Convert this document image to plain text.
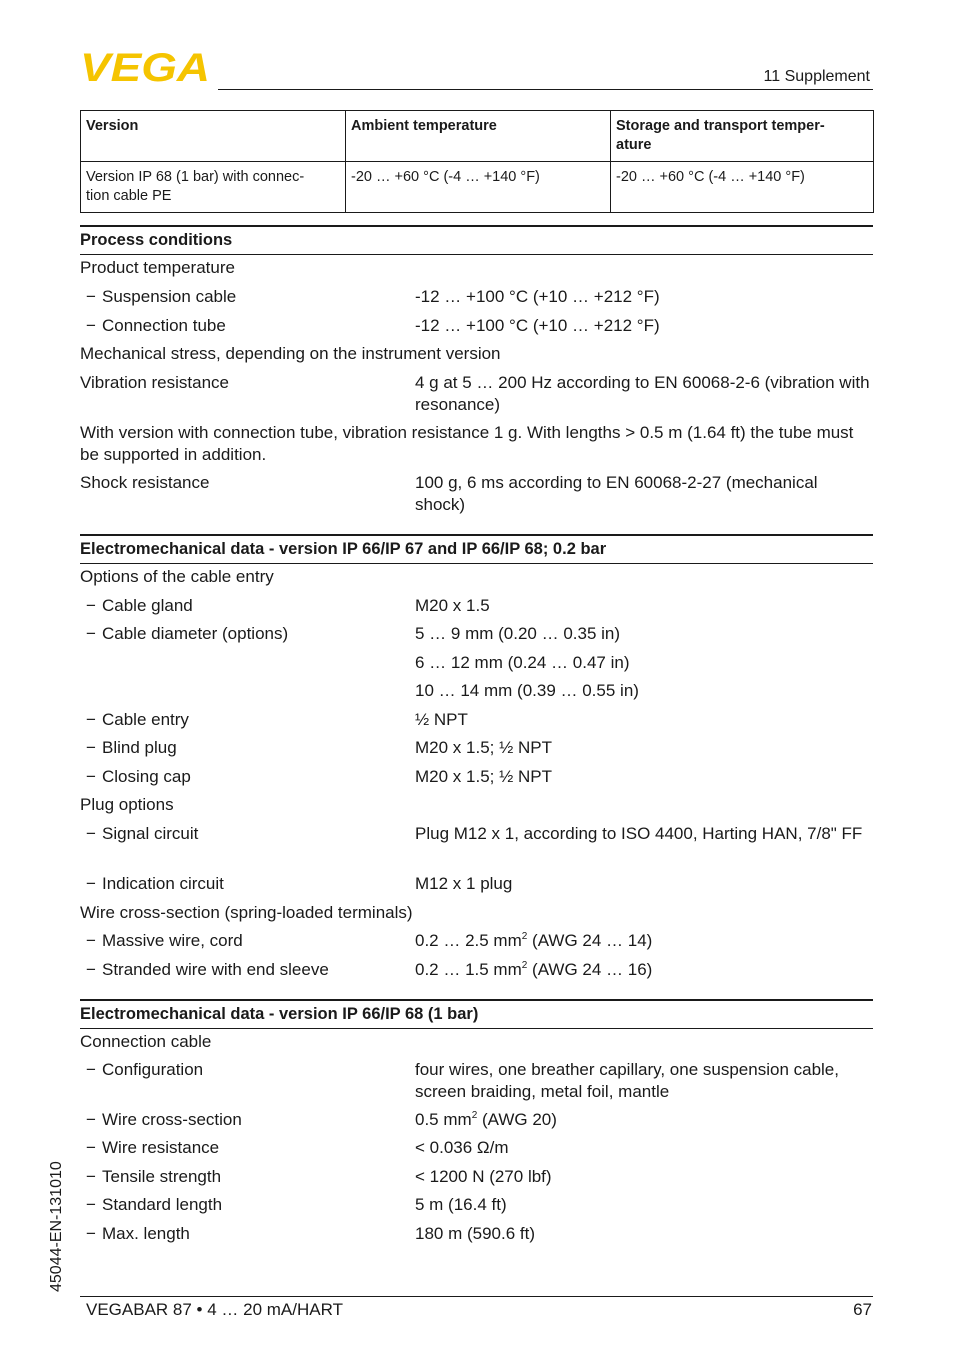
VEGA	11 Supplement
Version	Ambient temperature	Storage and transport temper-
ature
Version IP 68 (1 bar) with connec-
tion cable PE	-20 … +60 °C (-4 … +140 °F)	-20 … +60 °C (-4 … +140 °F)
Process conditions
Product temperature
− Suspension cable	-12 … +100 °C (+10 … +212 °F)
− Connection tube	-12 … +100 °C (+10 … +212 °F)
Mechanical stress, depending on the instrument version
Vibration resistance	4 g at 5 … 200 Hz according to EN 60068-2-6 (vibration with resonance)
With version with connection tube, vibration resistance 1 g. With lengths > 0.5 m (1.64 ft) the tube must be supported in addition.
Shock resistance	100 g, 6 ms according to EN 60068-2-27 (mechanical shock)
Electromechanical data - version IP 66/IP 67 and IP 66/IP 68; 0.2 bar
Options of the cable entry
− Cable gland	M20 x 1.5
− Cable diameter (options)	5 … 9 mm (0.20 … 0.35 in)
6 … 12 mm (0.24 … 0.47 in)
10 … 14 mm (0.39 … 0.55 in)
− Cable entry	½ NPT
− Blind plug	M20 x 1.5; ½ NPT
− Closing cap	M20 x 1.5; ½ NPT
Plug options
− Signal circuit	Plug M12 x 1, according to ISO 4400, Harting HAN, 7/8" FF
− Indication circuit	M12 x 1 plug
Wire cross-section (spring-loaded terminals)
− Massive wire, cord	0.2 … 2.5 $mm^2$ (AWG 24 … 14)
− Stranded wire with end sleeve	0.2 … 1.5 $mm^2$ (AWG 24 … 16)
Electromechanical data - version IP 66/IP 68 (1 bar)
Connection cable
− Configuration	four wires, one breather capillary, one suspension cable, screen braiding, metal foil, mantle
− Wire cross-section	0.5 $mm^2$ (AWG 20)
− Wire resistance	< 0.036 Ω/m
− Tensile strength	< 1200 N (270 lbf)
− Standard length	5 m (16.4 ft)
− Max. length	180 m (590.6 ft)
45044-EN-131010
VEGABAR 87 • 4 … 20 mA/HART	67
